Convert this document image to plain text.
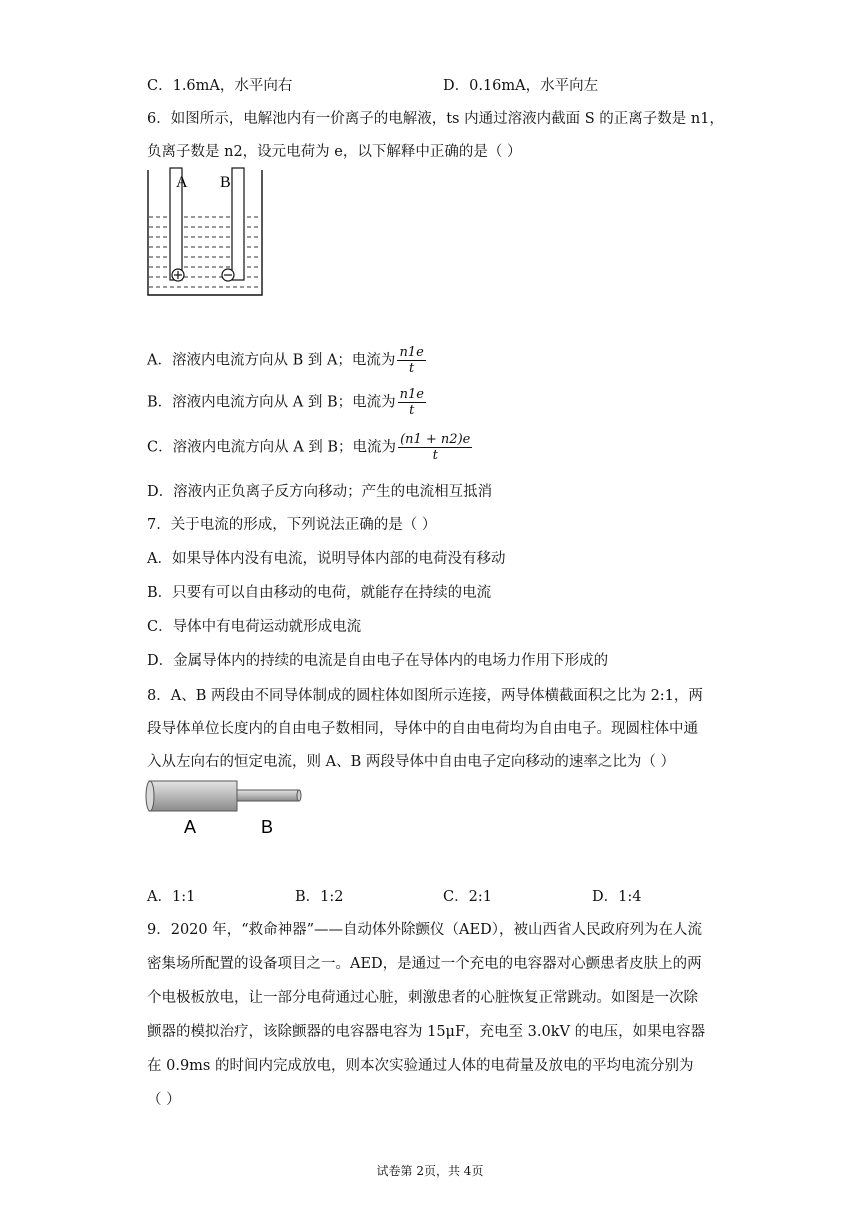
C．1.6mA，水平向右	D．0.16mA，水平向左
6．如图所示，电解池内有一价离子的电解液，ts 内通过溶液内截面 S 的正离子数是 n1，
负离子数是 n2，设元电荷为 e，以下解释中正确的是（ ）
A B
A．溶液内电流方向从 B 到 A；电流为 $\frac{n1e}{t}$
B．溶液内电流方向从 A 到 B；电流为 $\frac{n1e}{t}$
C．溶液内电流方向从 A 到 B；电流为 $\frac{(n1 + n2)e}{t}$
D．溶液内正负离子反方向移动；产生的电流相互抵消
7．关于电流的形成，下列说法正确的是（ ）
A．如果导体内没有电流，说明导体内部的电荷没有移动
B．只要有可以自由移动的电荷，就能存在持续的电流
C．导体中有电荷运动就形成电流
D．金属导体内的持续的电流是自由电子在导体内的电场力作用下形成的
8．A、B 两段由不同导体制成的圆柱体如图所示连接，两导体横截面积之比为 2:1，两
段导体单位长度内的自由电子数相同，导体中的自由电荷均为自由电子。现圆柱体中通
入从左向右的恒定电流，则 A、B 两段导体中自由电子定向移动的速率之比为（ ）
A	B
A．1:1	B．1:2	C．2:1	D．1:4
9．2020 年，“救命神器”——自动体外除颤仪（AED），被山西省人民政府列为在人流
密集场所配置的设备项目之一。AED，是通过一个充电的电容器对心颤患者皮肤上的两
个电极板放电，让一部分电荷通过心脏，刺激患者的心脏恢复正常跳动。如图是一次除
颤器的模拟治疗，该除颤器的电容器电容为 15μF，充电至 3.0kV 的电压，如果电容器
在 0.9ms 的时间内完成放电，则本次实验通过人体的电荷量及放电的平均电流分别为
（ ）
试卷第 2页，共 4页
